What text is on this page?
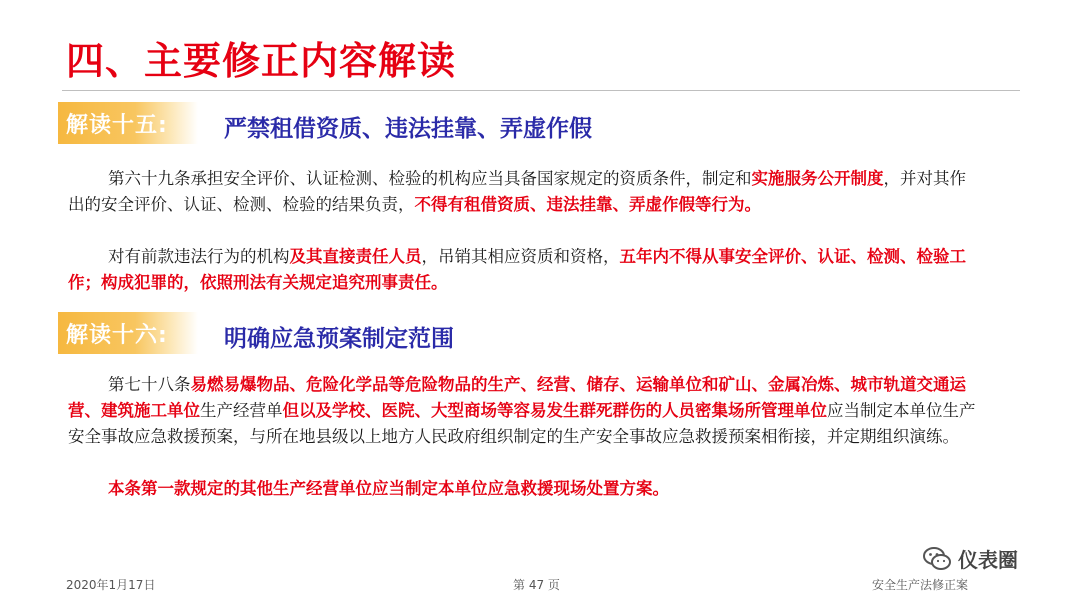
四、主要修正内容解读
解读十五:	严禁租借资质、违法挂靠、弄虚作假
第六十九条承担安全评价、认证检测、检验的机构应当具备国家规定的资质条件，制定和实施服务公开制度，并对其作出的安全评价、认证、检测、检验的结果负责，不得有租借资质、违法挂靠、弄虚作假等行为。
对有前款违法行为的机构及其直接责任人员，吊销其相应资质和资格，五年内不得从事安全评价、认证、检测、检验工作；构成犯罪的，依照刑法有关规定追究刑事责任。
解读十六:	明确应急预案制定范围
第七十八条易燃易爆物品、危险化学品等危险物品的生产、经营、储存、运输单位和矿山、金属冶炼、城市轨道交通运营、建筑施工单位生产经营单但以及学校、医院、大型商场等容易发生群死群伤的人员密集场所管理单位应当制定本单位生产安全事故应急救援预案，与所在地县级以上地方人民政府组织制定的生产安全事故应急救援预案相衔接，并定期组织演练。
本条第一款规定的其他生产经营单位应当制定本单位应急救援现场处置方案。
仪表圈
2020年1月17日	第 47 页	安全生产法修正案
